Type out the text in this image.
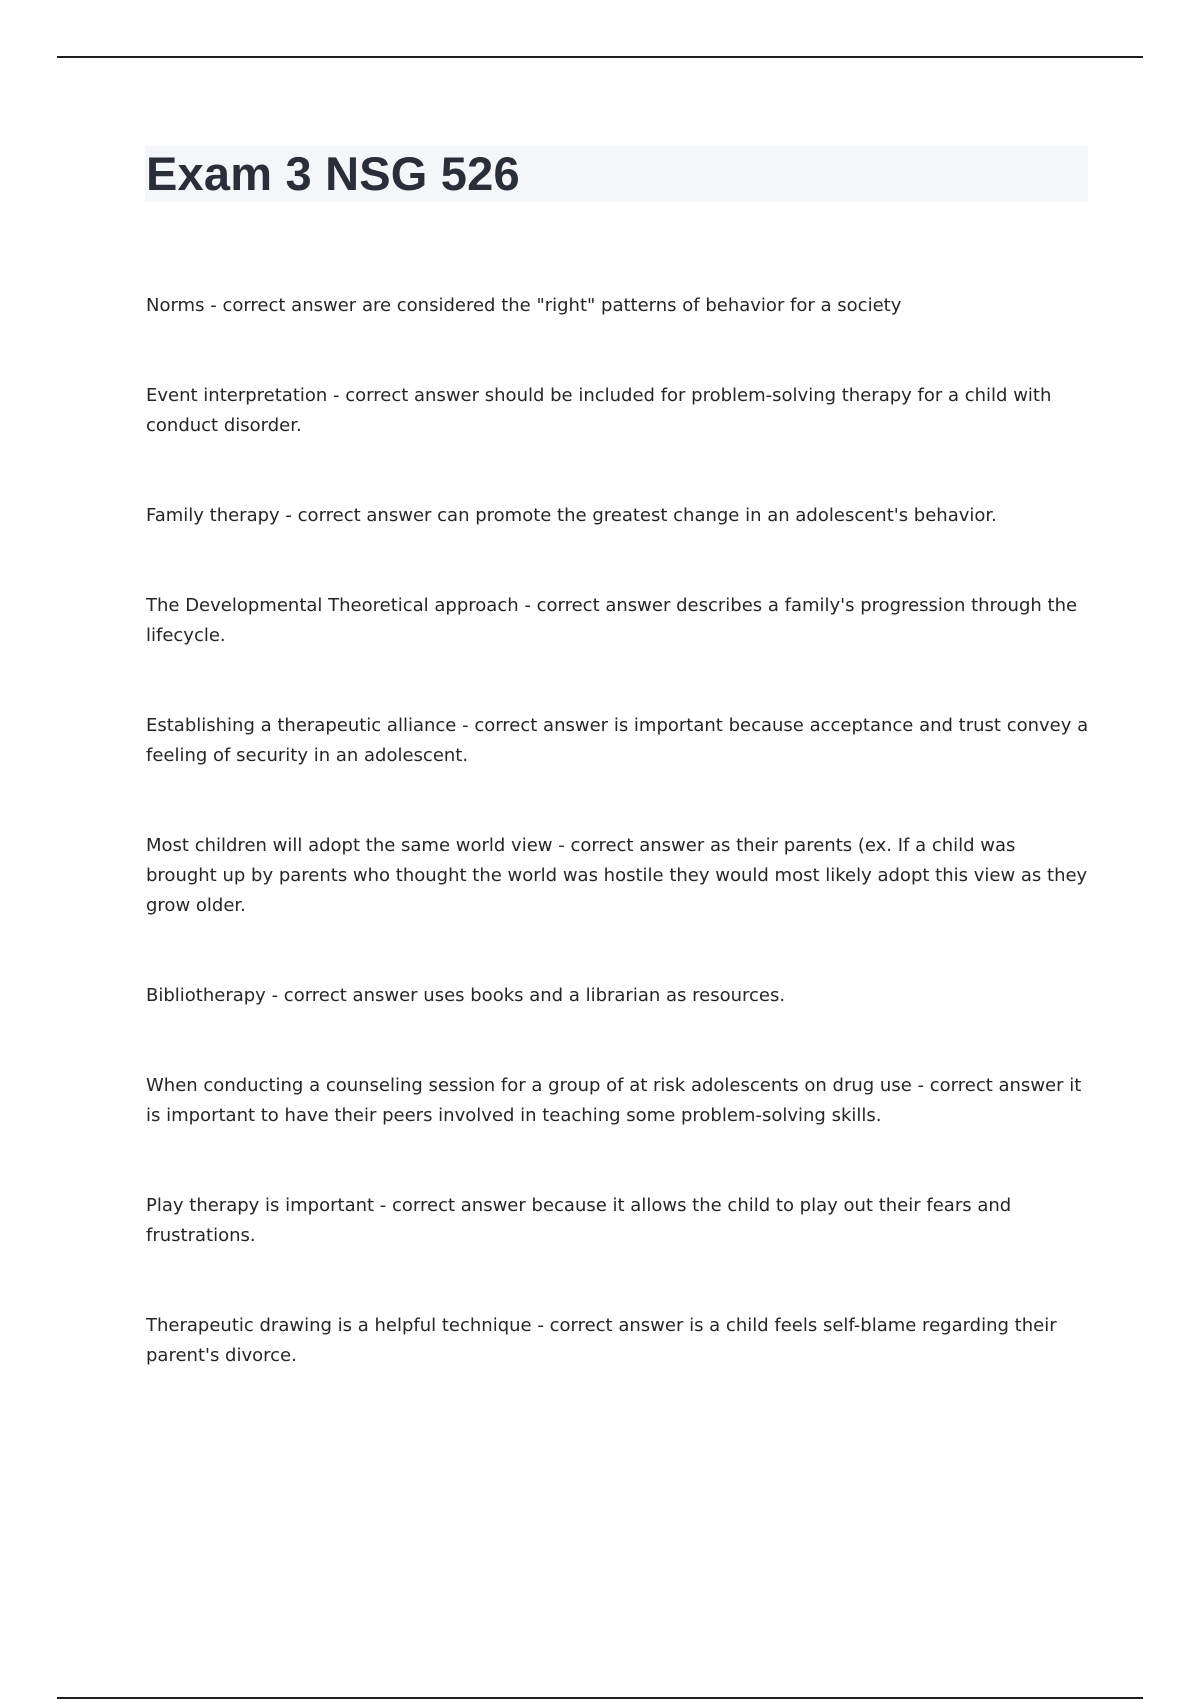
Exam 3 NSG 526
Norms - correct answer are considered the "right" patterns of behavior for a society
Event interpretation - correct answer should be included for problem-solving therapy for a child with conduct disorder.
Family therapy - correct answer can promote the greatest change in an adolescent's behavior.
The Developmental Theoretical approach - correct answer describes a family's progression through the lifecycle.
Establishing a therapeutic alliance - correct answer is important because acceptance and trust convey a feeling of security in an adolescent.
Most children will adopt the same world view - correct answer as their parents (ex. If a child was brought up by parents who thought the world was hostile they would most likely adopt this view as they grow older.
Bibliotherapy - correct answer uses books and a librarian as resources.
When conducting a counseling session for a group of at risk adolescents on drug use - correct answer it is important to have their peers involved in teaching some problem-solving skills.
Play therapy is important - correct answer because it allows the child to play out their fears and frustrations.
Therapeutic drawing is a helpful technique - correct answer is a child feels self-blame regarding their parent's divorce.
